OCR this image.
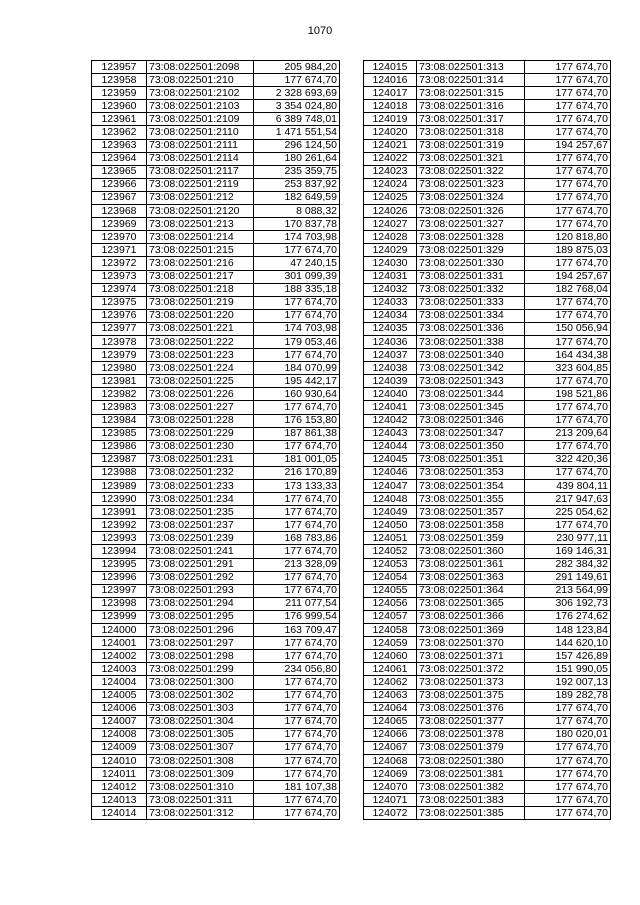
1070
123957	73:08:022501:2098	205 984,20
123958	73:08:022501:210	177 674,70
123959	73:08:022501:2102	2 328 693,69
123960	73:08:022501:2103	3 354 024,80
123961	73:08:022501:2109	6 389 748,01
123962	73:08:022501:2110	1 471 551,54
123963	73:08:022501:2111	296 124,50
123964	73:08:022501:2114	180 261,64
123965	73:08:022501:2117	235 359,75
123966	73:08:022501:2119	253 837,92
123967	73:08:022501:212	182 649,59
123968	73:08:022501:2120	8 088,32
123969	73:08:022501:213	170 837,78
123970	73:08:022501:214	174 703,98
123971	73:08:022501:215	177 674,70
123972	73:08:022501:216	47 240,15
123973	73:08:022501:217	301 099,39
123974	73:08:022501:218	188 335,18
123975	73:08:022501:219	177 674,70
123976	73:08:022501:220	177 674,70
123977	73:08:022501:221	174 703,98
123978	73:08:022501:222	179 053,46
123979	73:08:022501:223	177 674,70
123980	73:08:022501:224	184 070,99
123981	73:08:022501:225	195 442,17
123982	73:08:022501:226	160 930,64
123983	73:08:022501:227	177 674,70
123984	73:08:022501:228	176 153,80
123985	73:08:022501:229	187 861,38
123986	73:08:022501:230	177 674,70
123987	73:08:022501:231	181 001,05
123988	73:08:022501:232	216 170,89
123989	73:08:022501:233	173 133,33
123990	73:08:022501:234	177 674,70
123991	73:08:022501:235	177 674,70
123992	73:08:022501:237	177 674,70
123993	73:08:022501:239	168 783,86
123994	73:08:022501:241	177 674,70
123995	73:08:022501:291	213 328,09
123996	73:08:022501:292	177 674,70
123997	73:08:022501:293	177 674,70
123998	73:08:022501:294	211 077,54
123999	73:08:022501:295	176 999,54
124000	73:08:022501:296	163 709,47
124001	73:08:022501:297	177 674,70
124002	73:08:022501:298	177 674,70
124003	73:08:022501:299	234 056,80
124004	73:08:022501:300	177 674,70
124005	73:08:022501:302	177 674,70
124006	73:08:022501:303	177 674,70
124007	73:08:022501:304	177 674,70
124008	73:08:022501:305	177 674,70
124009	73:08:022501:307	177 674,70
124010	73:08:022501:308	177 674,70
124011	73:08:022501:309	177 674,70
124012	73:08:022501:310	181 107,38
124013	73:08:022501:311	177 674,70
124014	73:08:022501:312	177 674,70
124015	73:08:022501:313	177 674,70
124016	73:08:022501:314	177 674,70
124017	73:08:022501:315	177 674,70
124018	73:08:022501:316	177 674,70
124019	73:08:022501:317	177 674,70
124020	73:08:022501:318	177 674,70
124021	73:08:022501:319	194 257,67
124022	73:08:022501:321	177 674,70
124023	73:08:022501:322	177 674,70
124024	73:08:022501:323	177 674,70
124025	73:08:022501:324	177 674,70
124026	73:08:022501:326	177 674,70
124027	73:08:022501:327	177 674,70
124028	73:08:022501:328	120 818,80
124029	73:08:022501:329	189 875,03
124030	73:08:022501:330	177 674,70
124031	73:08:022501:331	194 257,67
124032	73:08:022501:332	182 768,04
124033	73:08:022501:333	177 674,70
124034	73:08:022501:334	177 674,70
124035	73:08:022501:336	150 056,94
124036	73:08:022501:338	177 674,70
124037	73:08:022501:340	164 434,38
124038	73:08:022501:342	323 604,85
124039	73:08:022501:343	177 674,70
124040	73:08:022501:344	198 521,86
124041	73:08:022501:345	177 674,70
124042	73:08:022501:346	177 674,70
124043	73:08:022501:347	213 209,64
124044	73:08:022501:350	177 674,70
124045	73:08:022501:351	322 420,36
124046	73:08:022501:353	177 674,70
124047	73:08:022501:354	439 804,11
124048	73:08:022501:355	217 947,63
124049	73:08:022501:357	225 054,62
124050	73:08:022501:358	177 674,70
124051	73:08:022501:359	230 977,11
124052	73:08:022501:360	169 146,31
124053	73:08:022501:361	282 384,32
124054	73:08:022501:363	291 149,61
124055	73:08:022501:364	213 564,99
124056	73:08:022501:365	306 192,73
124057	73:08:022501:366	176 274,62
124058	73:08:022501:369	148 123,84
124059	73:08:022501:370	144 620,10
124060	73:08:022501:371	157 426,89
124061	73:08:022501:372	151 990,05
124062	73:08:022501:373	192 007,13
124063	73:08:022501:375	189 282,78
124064	73:08:022501:376	177 674,70
124065	73:08:022501:377	177 674,70
124066	73:08:022501:378	180 020,01
124067	73:08:022501:379	177 674,70
124068	73:08:022501:380	177 674,70
124069	73:08:022501:381	177 674,70
124070	73:08:022501:382	177 674,70
124071	73:08:022501:383	177 674,70
124072	73:08:022501:385	177 674,70
